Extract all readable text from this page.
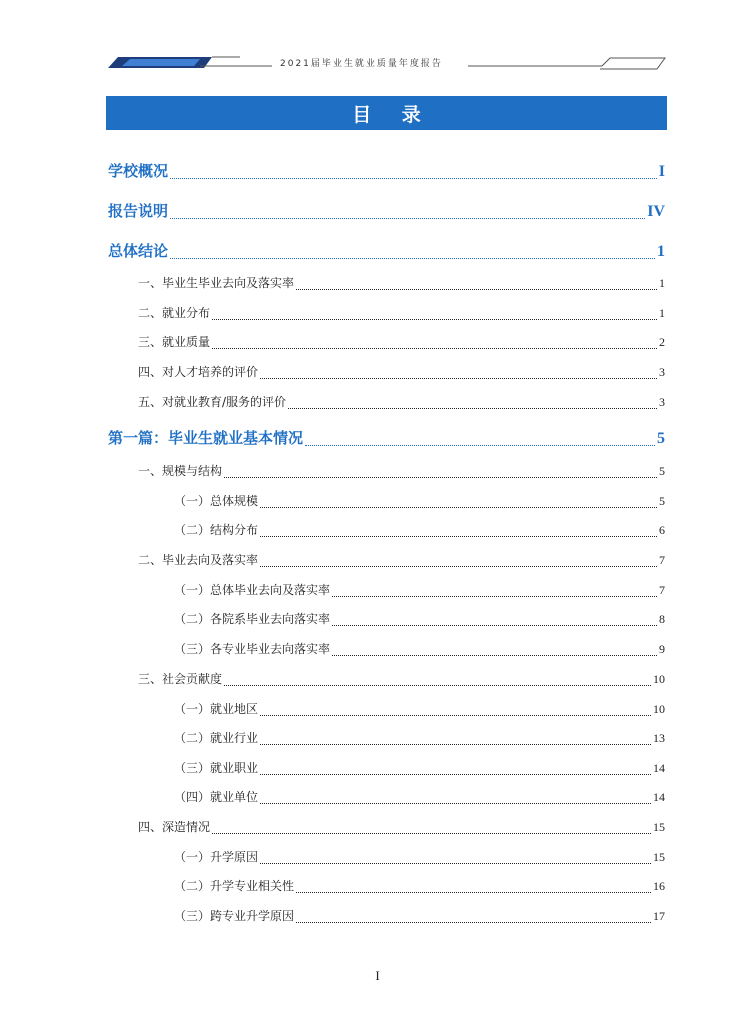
2021届毕业生就业质量年度报告
目 录
学校概况	I
报告说明	IV
总体结论	1
一、毕业生毕业去向及落实率	1
二、就业分布	1
三、就业质量	2
四、对人才培养的评价	3
五、对就业教育/服务的评价	3
第一篇：毕业生就业基本情况	5
一、规模与结构	5
（一）总体规模	5
（二）结构分布	6
二、毕业去向及落实率	7
（一）总体毕业去向及落实率	7
（二）各院系毕业去向落实率	8
（三）各专业毕业去向落实率	9
三、社会贡献度	10
（一）就业地区	10
（二）就业行业	13
（三）就业职业	14
（四）就业单位	14
四、深造情况	15
（一）升学原因	15
（二）升学专业相关性	16
（三）跨专业升学原因	17
I
